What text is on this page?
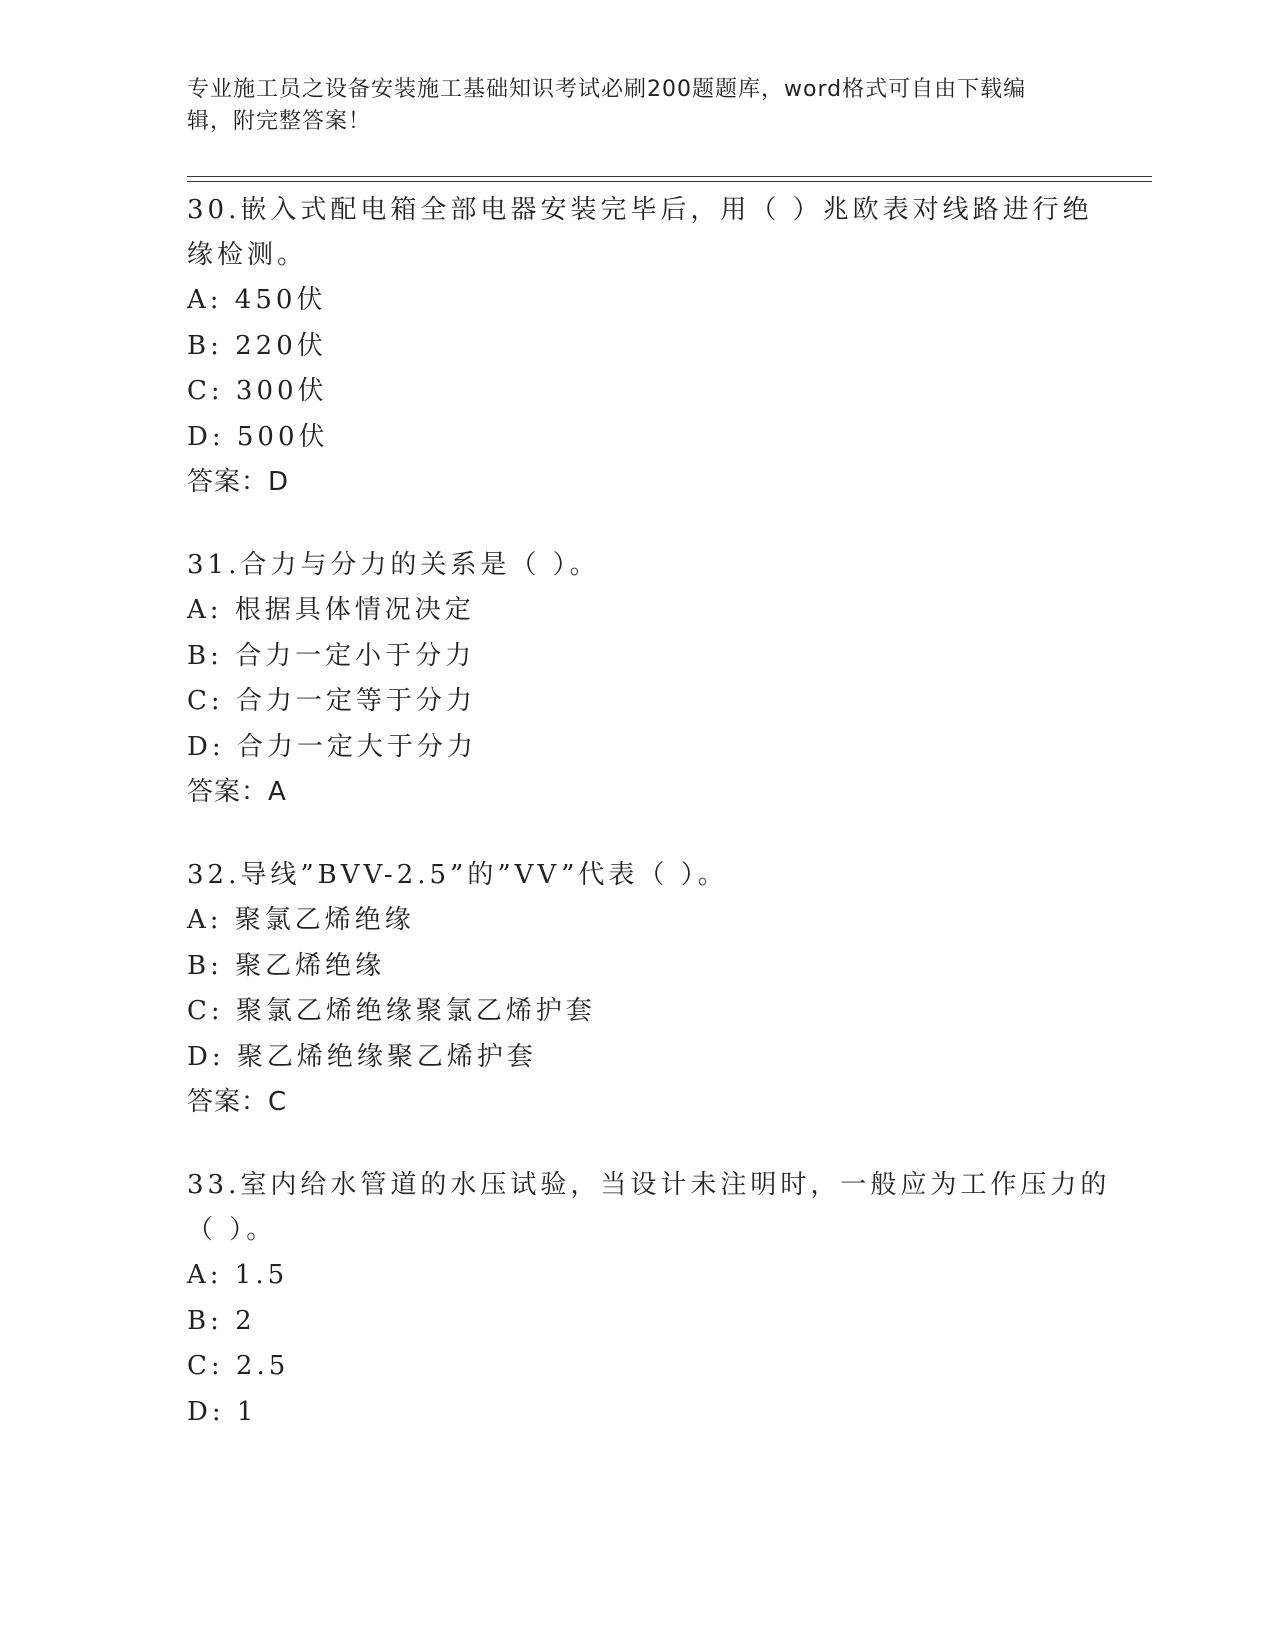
专业施工员之设备安装施工基础知识考试必刷200题题库，word格式可自由下载编辑，附完整答案！
30.嵌入式配电箱全部电器安装完毕后，用（ ）兆欧表对线路进行绝缘检测。
A: 450伏
B: 220伏
C: 300伏
D: 500伏
答案：D
31.合力与分力的关系是（ ）。
A: 根据具体情况决定
B: 合力一定小于分力
C: 合力一定等于分力
D: 合力一定大于分力
答案：A
32.导线”BVV-2.5”的”VV”代表（ ）。
A: 聚氯乙烯绝缘
B: 聚乙烯绝缘
C: 聚氯乙烯绝缘聚氯乙烯护套
D: 聚乙烯绝缘聚乙烯护套
答案：C
33.室内给水管道的水压试验，当设计未注明时，一般应为工作压力的（ ）。
A: 1.5
B: 2
C: 2.5
D: 1
